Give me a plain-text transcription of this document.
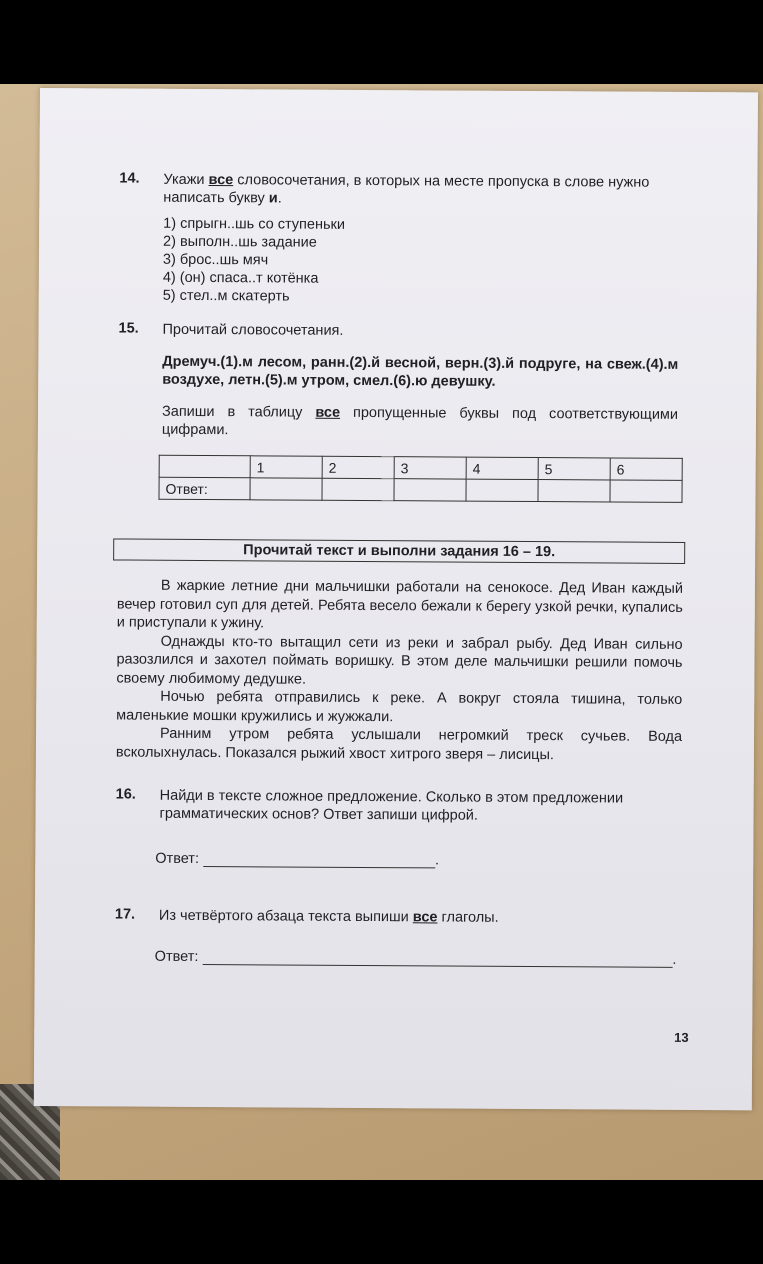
14. Укажи все словосочетания, в которых на месте пропуска в слове нужно написать букву и.
1) спрыгн..шь со ступеньки
2) выполн..шь задание
3) брос..шь мяч
4) (он) спаса..т котёнка
5) стел..м скатерть
15. Прочитай словосочетания.
Дремуч.(1).м лесом, ранн.(2).й весной, верн.(3).й подруге, на свеж.(4).м воздухе, летн.(5).м утром, смел.(6).ю девушку.
Запиши в таблицу все пропущенные буквы под соответствующими цифрами.
	1	2	3	4	5	6
Ответ:						
Прочитай текст и выполни задания 16 – 19.

В жаркие летние дни мальчишки работали на сенокосе. Дед Иван каждый вечер готовил суп для детей. Ребята весело бежали к берегу узкой речки, купались и приступали к ужину.

Однажды кто-то вытащил сети из реки и забрал рыбу. Дед Иван сильно разозлился и захотел поймать воришку. В этом деле мальчишки решили помочь своему любимому дедушке.

Ночью ребята отправились к реке. А вокруг стояла тишина, только маленькие мошки кружились и жужжали.

Ранним утром ребята услышали негромкий треск сучьев. Вода всколыхнулась. Показался рыжий хвост хитрого зверя – лисицы.

16. Найди в тексте сложное предложение. Сколько в этом предложении грамматических основ? Ответ запиши цифрой.
Ответ:	.
17. Из четвёртого абзаца текста выпиши все глаголы.
Ответ:	.
13
